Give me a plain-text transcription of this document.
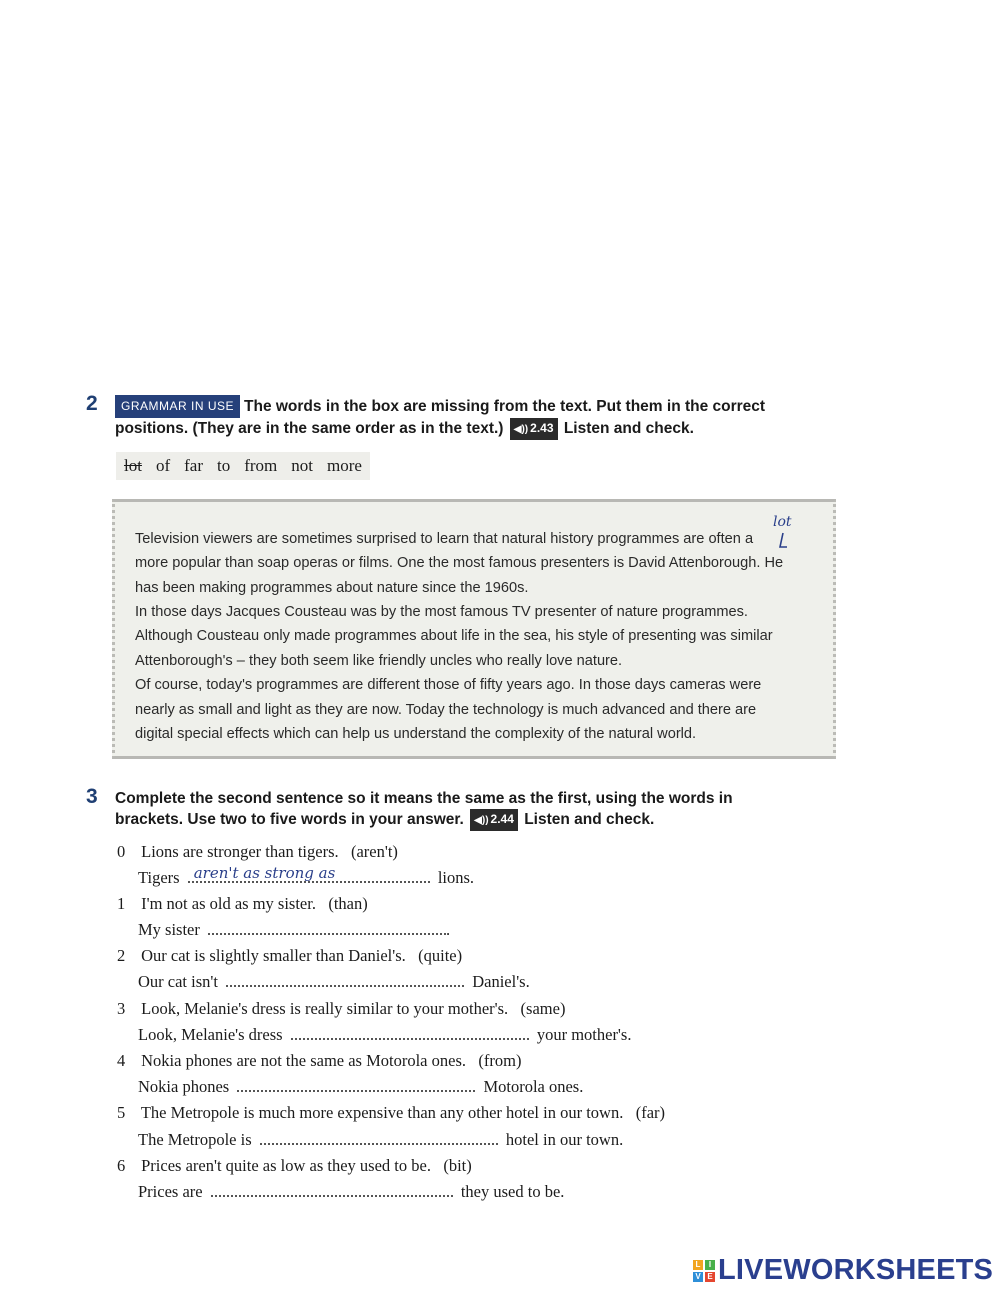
2	GRAMMAR IN USE The words in the box are missing from the text. Put them in the correct
positions. (They are in the same order as in the text.) ◀)) 2.43 Listen and check.
lot of far to from not more

Television viewers are sometimes surprised to learn that natural history programmes are often a

more popular than soap operas or films. One the most famous presenters is David Attenborough. He

has been making programmes about nature since the 1960s.

In those days Jacques Cousteau was by the most famous TV presenter of nature programmes.

Although Cousteau only made programmes about life in the sea, his style of presenting was similar

Attenborough's – they both seem like friendly uncles who really love nature.

Of course, today's programmes are different those of fifty years ago. In those days cameras were

nearly as small and light as they are now. Today the technology is much advanced and there are

digital special effects which can help us understand the complexity of the natural world.

lot
3 Complete the second sentence so it means the same as the first, using the words in
brackets. Use two to five words in your answer. ◀)) 2.44 Listen and check.
0 Lions are stronger than tigers. (aren't)
Tigers aren't as strong as	lions.
1 I'm not as old as my sister. (than)
My sister	.
2 Our cat is slightly smaller than Daniel's. (quite)
Our cat isn't	Daniel's.
3 Look, Melanie's dress is really similar to your mother's. (same)
Look, Melanie's dress	your mother's.
4 Nokia phones are not the same as Motorola ones. (from)
Nokia phones	Motorola ones.
5 The Metropole is much more expensive than any other hotel in our town. (far)
The Metropole is	hotel in our town.
6 Prices aren't quite as low as they used to be. (bit)
Prices are	they used to be.
L	I
V E LIVEWORKSHEETS
